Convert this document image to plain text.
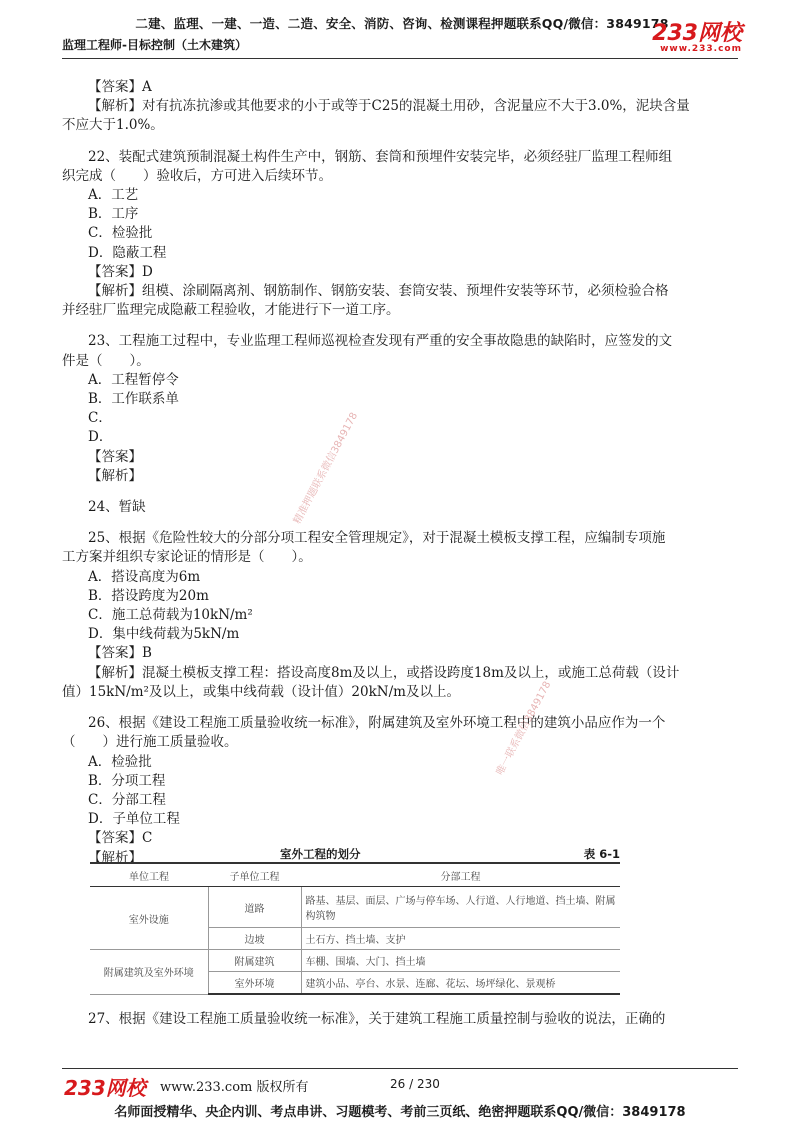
二建、监理、一建、一造、二造、安全、消防、咨询、检测课程押题联系QQ/微信：3849178
监理工程师-目标控制（土木建筑）	233网校
www.233.com

【答案】A

【解析】对有抗冻抗渗或其他要求的小于或等于C25的混凝土用砂，含泥量应不大于3.0%，泥块含量

不应大于1.0%。

22、装配式建筑预制混凝土构件生产中，钢筋、套筒和预埋件安装完毕，必须经驻厂监理工程师组

织完成（　　）验收后，方可进入后续环节。

A．工艺

B．工序

C．检验批

D．隐蔽工程

【答案】D

【解析】组模、涂刷隔离剂、钢筋制作、钢筋安装、套筒安装、预埋件安装等环节，必须检验合格

并经驻厂监理完成隐蔽工程验收，才能进行下一道工序。

23、工程施工过程中，专业监理工程师巡视检查发现有严重的安全事故隐患的缺陷时，应签发的文

件是（　　）。

A．工程暂停令

B．工作联系单

C．

D．

【答案】

【解析】

24、暂缺

25、根据《危险性较大的分部分项工程安全管理规定》，对于混凝土模板支撑工程，应编制专项施

工方案并组织专家论证的情形是（　　）。

A．搭设高度为6m

B．搭设跨度为20m

C．施工总荷载为10kN/m²

D．集中线荷载为5kN/m

【答案】B

【解析】混凝土模板支撑工程：搭设高度8m及以上，或搭设跨度18m及以上，或施工总荷载（设计

值）15kN/m²及以上，或集中线荷载（设计值）20kN/m及以上。

26、根据《建设工程施工质量验收统一标准》，附属建筑及室外环境工程中的建筑小品应作为一个

（　　）进行施工质量验收。

A．检验批

B．分项工程

C．分部工程

D．子单位工程

【答案】C

【解析】

精准押题联系微信3849178
唯一联系微信3849178
室外工程的划分	表 6-1
单位工程	子单位工程	分部工程
室外设施	道路	路基、基层、面层、广场与停车场、人行道、人行地道、挡土墙、附属构筑物
	边坡	土石方、挡土墙、支护
附属建筑及室外环境	附属建筑	车棚、围墙、大门、挡土墙
	室外环境	建筑小品、亭台、水景、连廊、花坛、场坪绿化、景观桥

27、根据《建设工程施工质量验收统一标准》，关于建筑工程施工质量控制与验收的说法，正确的

233网校 www.233.com 版权所有	26 / 230
名师面授精华、央企内训、考点串讲、习题模考、考前三页纸、绝密押题联系QQ/微信：3849178
